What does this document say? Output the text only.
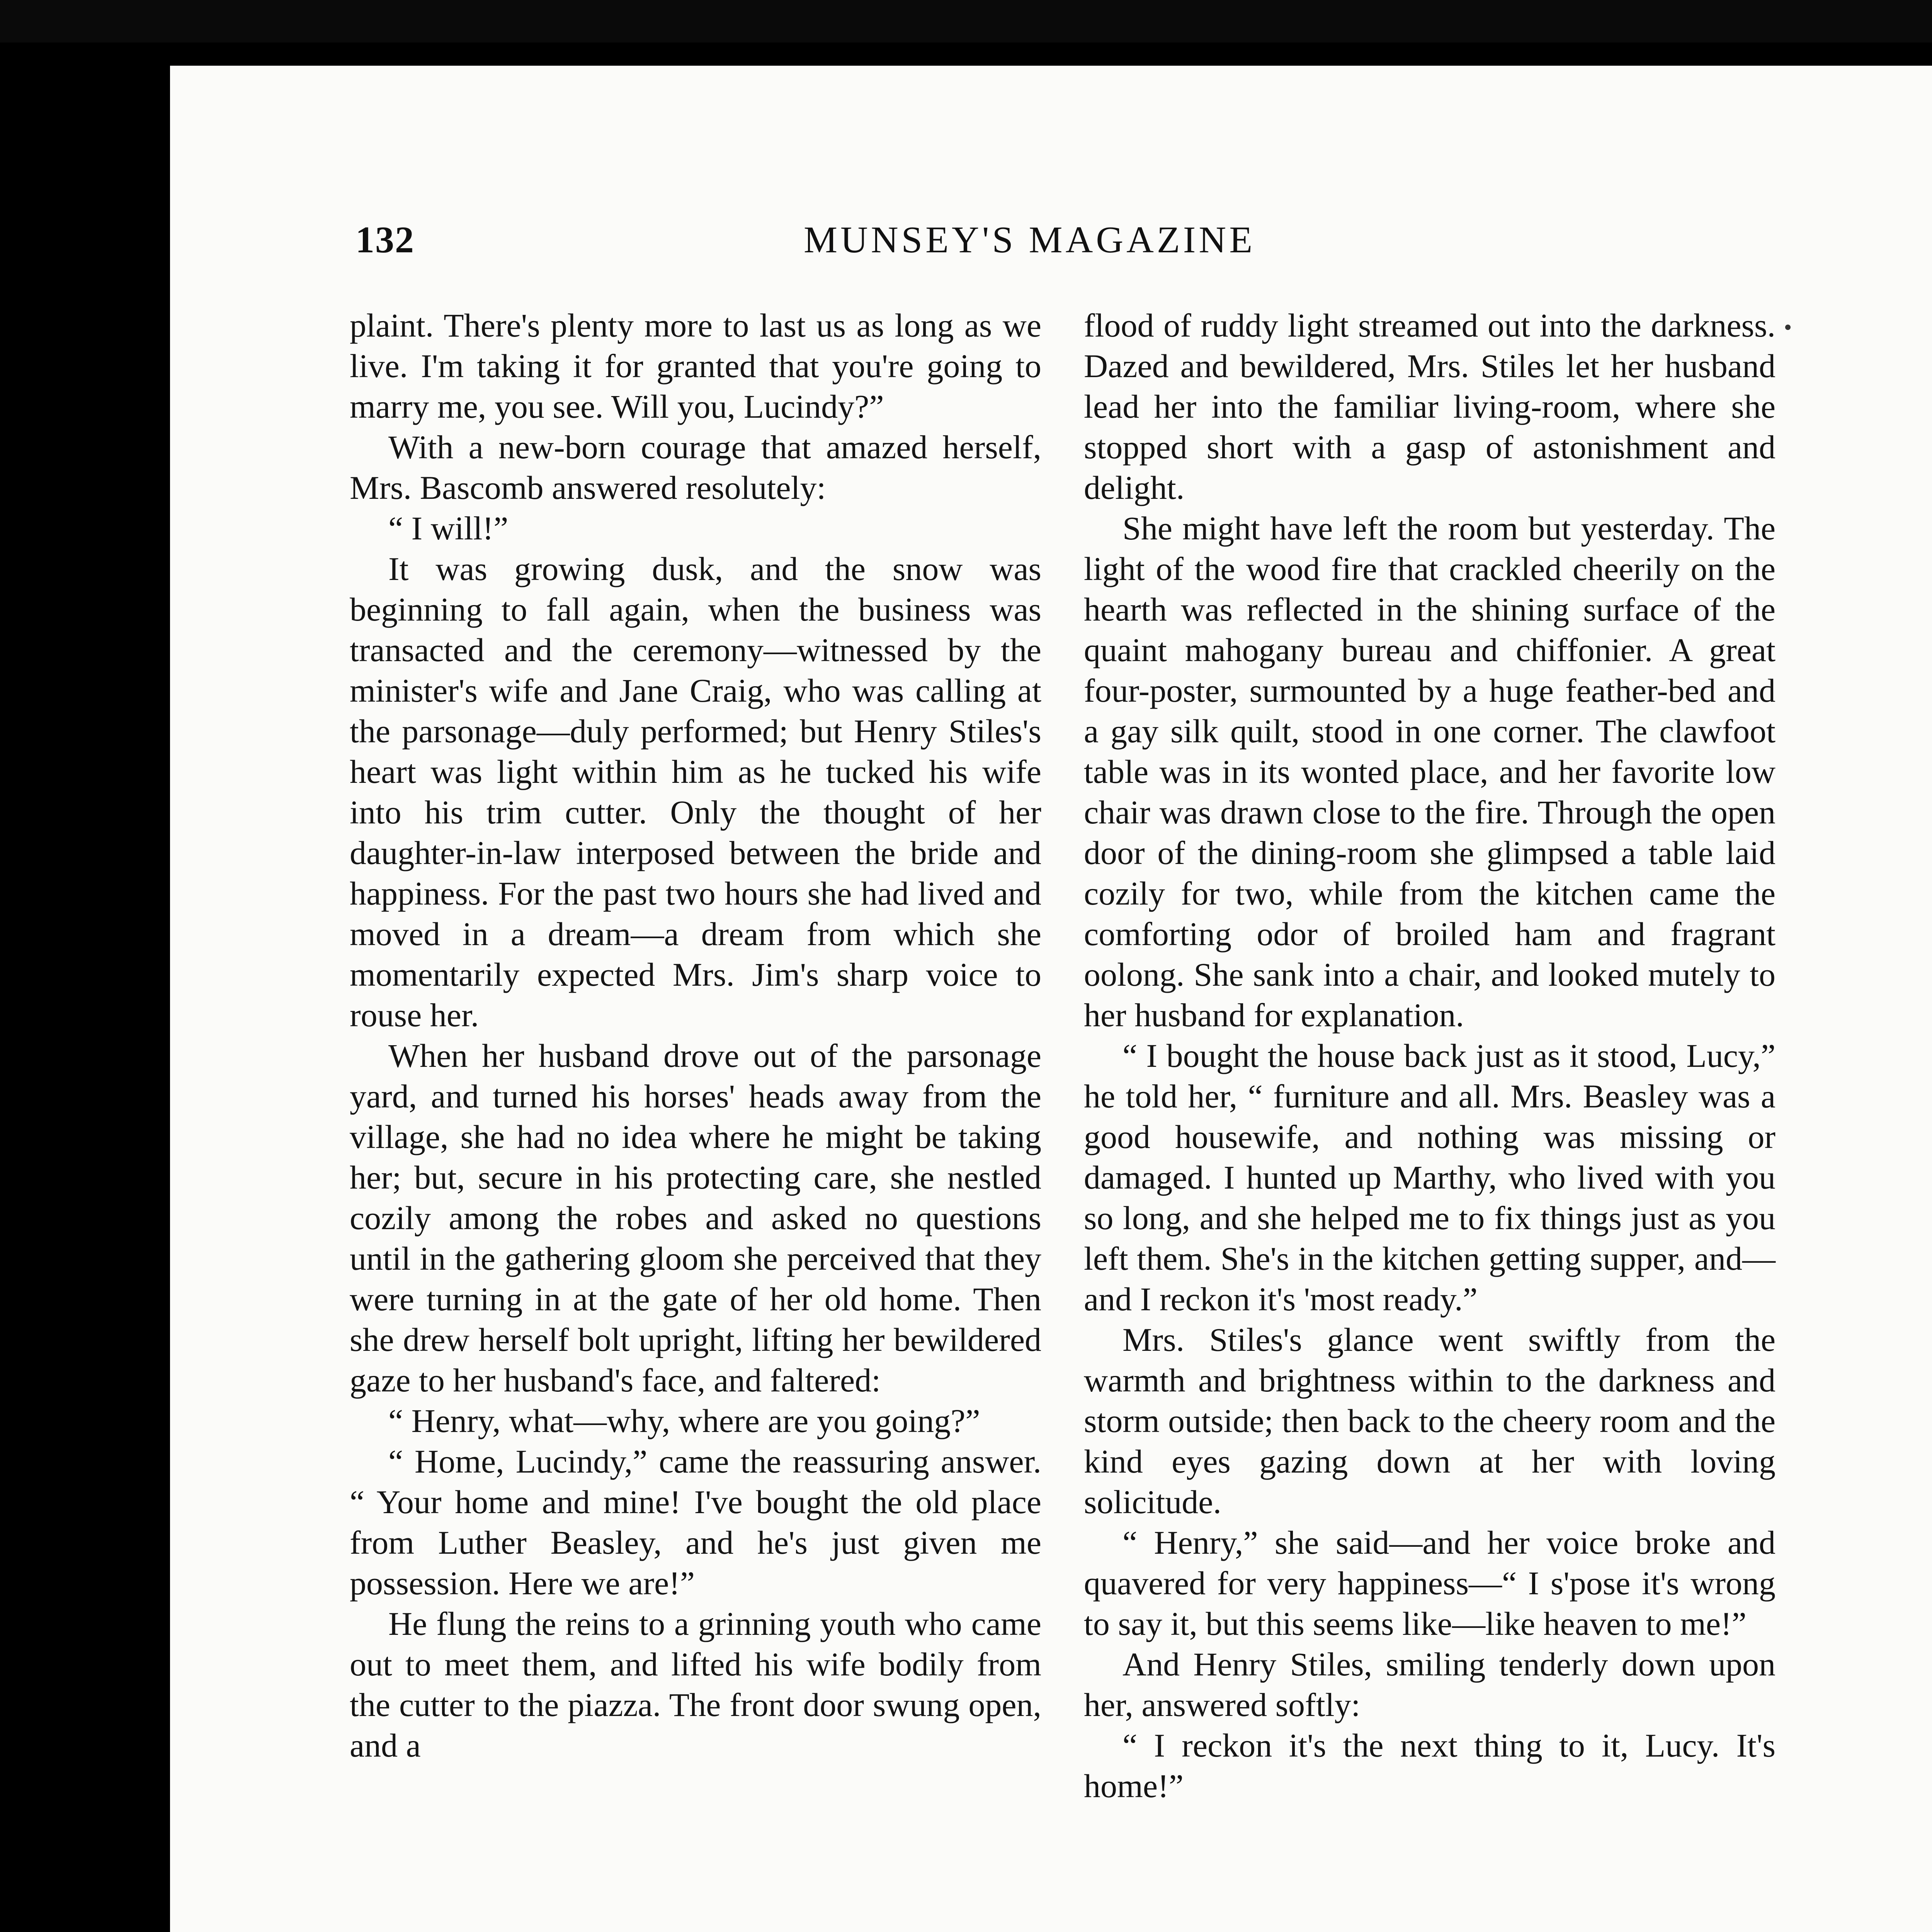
132	MUNSEY'S MAGAZINE

plaint. There's plenty more to last us as long as we live. I'm taking it for granted that you're going to marry me, you see. Will you, Lucindy?”

With a new-born courage that amazed herself, Mrs. Bascomb answered resolutely:

“ I will!”

It was growing dusk, and the snow was beginning to fall again, when the business was transacted and the ceremony—witnessed by the minister's wife and Jane Craig, who was calling at the parsonage—duly performed; but Henry Stiles's heart was light within him as he tucked his wife into his trim cutter. Only the thought of her daughter-in-law interposed between the bride and happiness. For the past two hours she had lived and moved in a dream—a dream from which she momentarily expected Mrs. Jim's sharp voice to rouse her.

When her husband drove out of the parsonage yard, and turned his horses' heads away from the village, she had no idea where he might be taking her; but, secure in his protecting care, she nestled cozily among the robes and asked no questions until in the gathering gloom she perceived that they were turning in at the gate of her old home. Then she drew herself bolt upright, lifting her bewildered gaze to her husband's face, and faltered:

“ Henry, what—why, where are you going?”

“ Home, Lucindy,” came the reassuring answer. “ Your home and mine! I've bought the old place from Luther Beasley, and he's just given me possession. Here we are!”

He flung the reins to a grinning youth who came out to meet them, and lifted his wife bodily from the cutter to the piazza. The front door swung open, and a

flood of ruddy light streamed out into the darkness. Dazed and bewildered, Mrs. Stiles let her husband lead her into the familiar living-room, where she stopped short with a gasp of astonishment and delight.

She might have left the room but yesterday. The light of the wood fire that crackled cheerily on the hearth was reflected in the shining surface of the quaint mahogany bureau and chiffonier. A great four-poster, surmounted by a huge feather-bed and a gay silk quilt, stood in one corner. The clawfoot table was in its wonted place, and her favorite low chair was drawn close to the fire. Through the open door of the dining-room she glimpsed a table laid cozily for two, while from the kitchen came the comforting odor of broiled ham and fragrant oolong. She sank into a chair, and looked mutely to her husband for explanation.

“ I bought the house back just as it stood, Lucy,” he told her, “ furniture and all. Mrs. Beasley was a good housewife, and nothing was missing or damaged. I hunted up Marthy, who lived with you so long, and she helped me to fix things just as you left them. She's in the kitchen getting supper, and—and I reckon it's 'most ready.”

Mrs. Stiles's glance went swiftly from the warmth and brightness within to the darkness and storm outside; then back to the cheery room and the kind eyes gazing down at her with loving solicitude.

“ Henry,” she said—and her voice broke and quavered for very happiness—“ I s'pose it's wrong to say it, but this seems like—like heaven to me!”

And Henry Stiles, smiling tenderly down upon her, answered softly:

“ I reckon it's the next thing to it, Lucy. It's home!”
